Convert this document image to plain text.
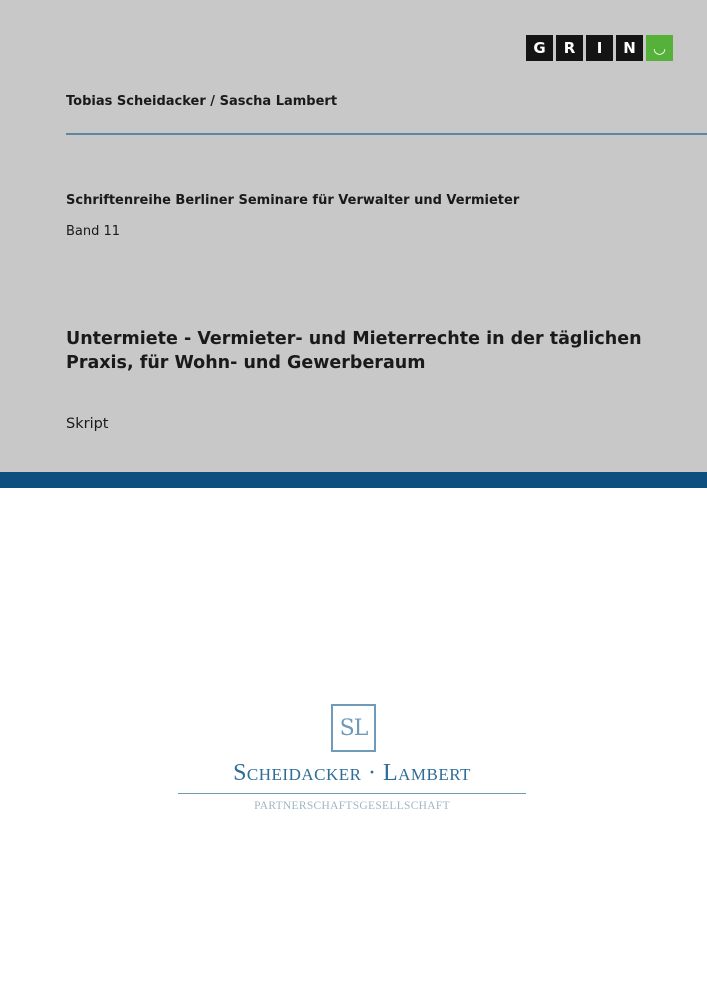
G	R	I	N	◡
Tobias Scheidacker / Sascha Lambert
Schriftenreihe Berliner Seminare für Verwalter und Vermieter
Band 11
Untermiete - Vermieter- und Mieterrechte in der täglichen Praxis, für Wohn- und Gewerberaum
Skript
SL
Scheidacker · Lambert
PARTNERSCHAFTSGESELLSCHAFT
